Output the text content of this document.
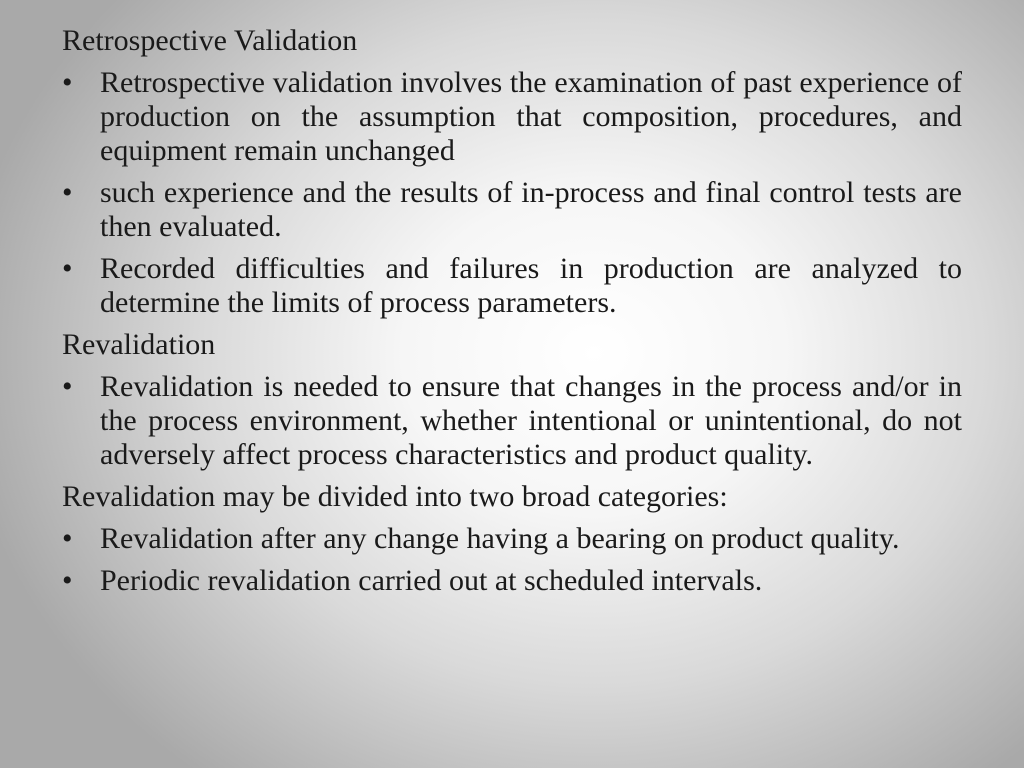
Retrospective Validation
• Retrospective validation involves the examination of past experience of production on the assumption that composition, procedures, and equipment remain unchanged
• such experience and the results of in-process and final control tests are then evaluated.
• Recorded difficulties and failures in production are analyzed to determine the limits of process parameters.
Revalidation
• Revalidation is needed to ensure that changes in the process and/or in the process environment, whether intentional or unintentional, do not adversely affect process characteristics and product quality.
Revalidation may be divided into two broad categories:
• Revalidation after any change having a bearing on product quality.
• Periodic revalidation carried out at scheduled intervals.
